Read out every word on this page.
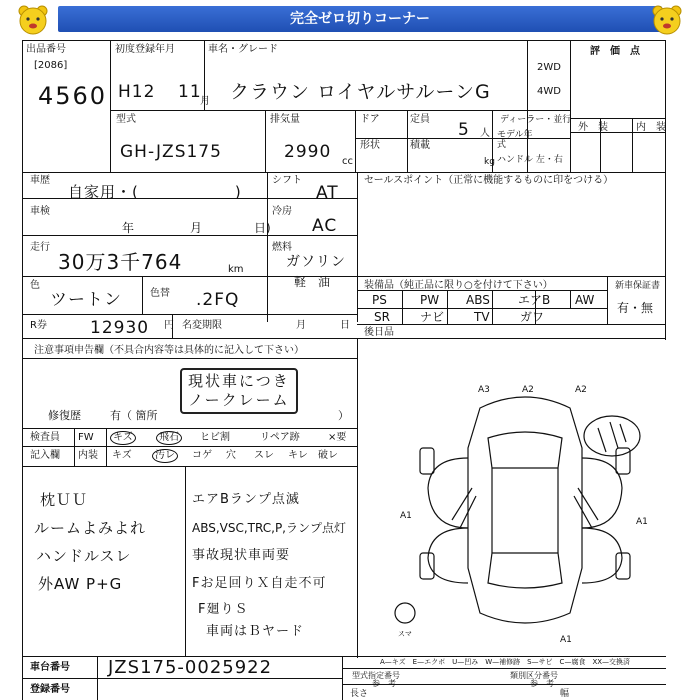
完全ゼロ切りコーナー
出品番号
[2086]
4560
初度登録年月
H12 11
月
車名・グレード
クラウン ロイヤルサルーンG
2WD
4WD
評　価　点
型式
GH-JZS175
排気量
2990 cc
ドア	定員
5 人
ディーラー・並行
モデル年式
ハンドル 左・右
形状	積載
kg
外　装	内　装
車歴
自家用・(　　　　　　)
シフト
AT
セールスポイント（正常に機能するものに印をつける）
車検
年	月	日)
冷房
AC
走行
30万3千764	km
燃料
ガソリン
軽　油
色
ツートン	色替 .2FQ
装備品（純正品に限り○を付けて下さい）
PS	PW ABS エアB AW
SR	ナビ TV	ガワ
新車保証書
有・無
R券	12930 円 名変期限	月	日
後日品
注意事項申告欄（不具合内容等は具体的に記入して下さい）
現状車につき
ノークレーム
修復歴	有（ 箇所	）
検査員
記入欄
FW	キズ	飛石	ヒビ割	リペア跡	×要
内装 キズ	汚レ	コゲ 穴 スレ キレ 破レ
枕ＵＵ
ルームよみよれ
ハンドルスレ
外AW P+G
エアBランプ点滅
ABS,VSC,TRC,P,ランプ点灯
事故現状車両要
Fお足回りＸ自走不可
F廻りＳ
車両はＢヤード
A3	A2	A2
A1
A1
A1
スマ
A—キズ　E—エクボ　U—凹み　W—補修跡　S—サビ　C—腐食　XX—交換済
車台番号 JZS175-0025922
登録番号
型式指定番号
参　考
類別区分番号
参　考
長さ	幅
